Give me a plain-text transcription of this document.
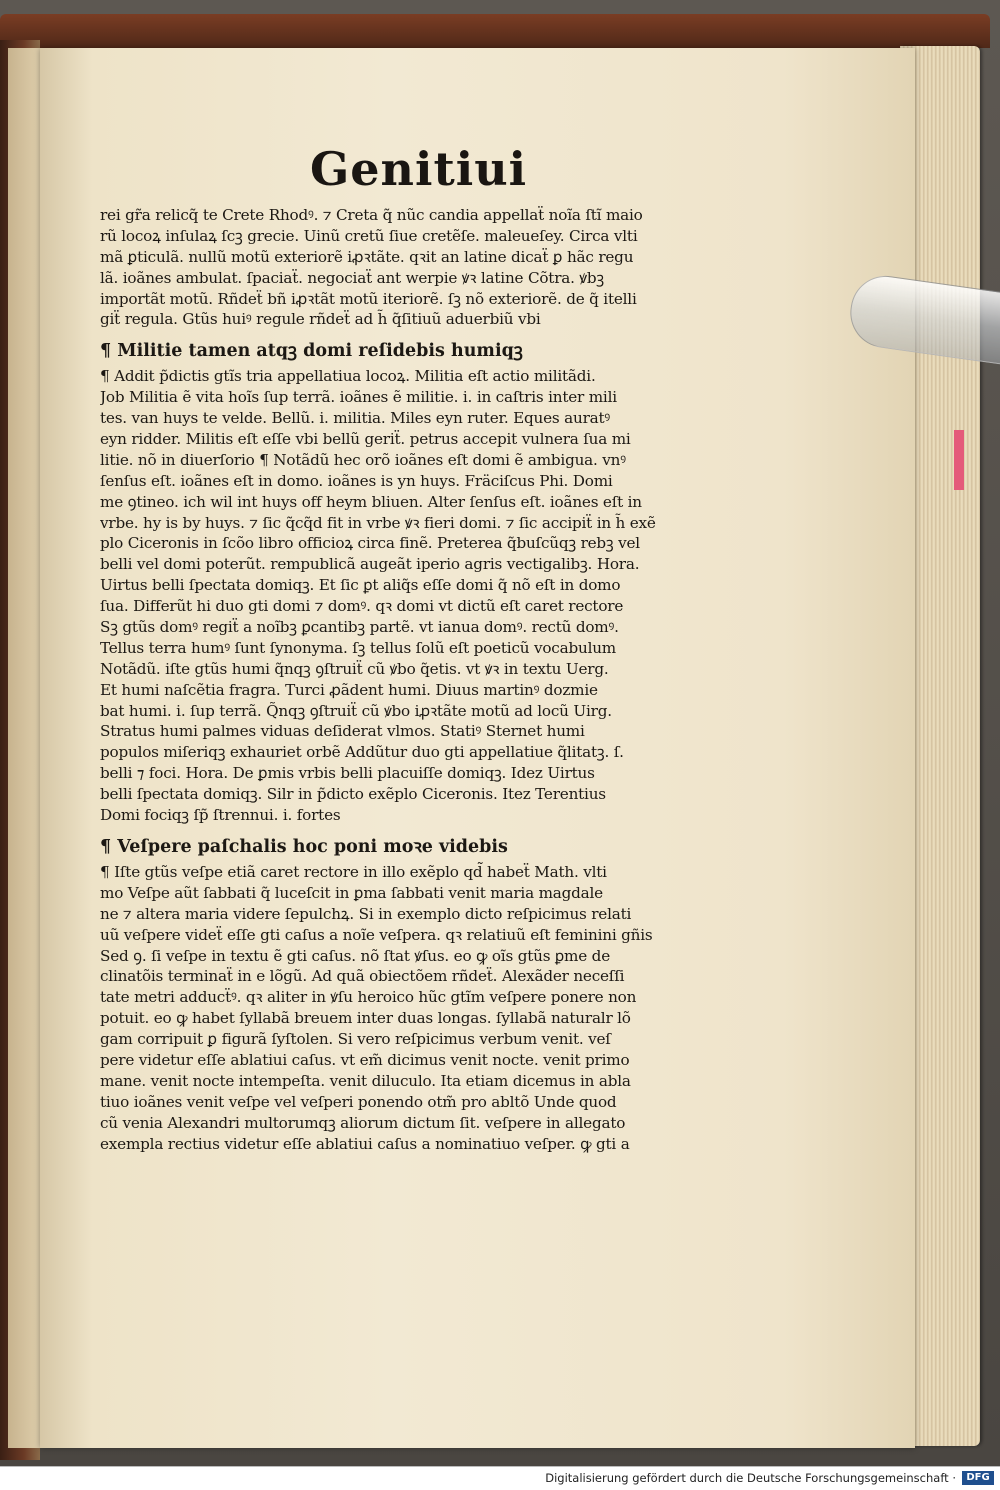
Genitiui
rei gr̃a relicq̃ te Crete Rhodꝰ. ⁊ Creta q̃ nũc candia appellaẗ noĩa ſtĩ maio
rũ locoꝝ inſulaꝝ ſcꝫ grecie. Uinũ cretũ ſiue cretẽſe. maleueſey. Circa vlti
mã ꝑticulã. nullũ motũ exteriorẽ iꝓꝛtãte. qꝛit an latine dicaẗ ꝑ hãc regu
lã. ioãnes ambulat. ſpaciaẗ. negociaẗ ant werpie ꝟꝛ latine Cõtra. ꝟbꝫ
importãt motũ. Rñdeẗ bñ iꝓꝛtãt motũ iteriorẽ. ſꝫ nõ exteriorẽ. de q̃ itelli
giẗ regula. Gtũs huiꝰ regule rñdeẗ ad h̃ q̃ſitiuũ aduerbiũ vbi
¶ Militie tamen atqꝫ domi reſidebis humiqꝫ
¶ Addit p̃dictis gtĩs tria appellatiua locoꝝ. Militia eſt actio militãdi.
Job Militia ẽ vita hoĩs ſup terrã. ioãnes ẽ militie. i. in caſtris inter mili
tes. van huys te velde. Bellũ. i. militia. Miles eyn ruter. Eques auratꝰ
eyn ridder. Militis eſt eſſe vbi bellũ geriẗ. petrus accepit vulnera ſua mi
litie. nõ in diuerſorio ¶ Notãdũ hec orõ ioãnes eſt domi ẽ ambigua. vnꝰ
ſenſus eſt. ioãnes eſt in domo. ioãnes is yn huys. Fräciſcus Phi. Domi
me ꝯtineo. ich wil int huys off heym bliuen. Alter ſenſus eſt. ioãnes eſt in
vrbe. hy is by huys. ⁊ ſic q̃cq̃d fit in vrbe ꝟꝛ fieri domi. ⁊ ſic accipiẗ in h̃ exẽ
plo Ciceronis in ſcõo libro officioꝝ circa finẽ. Preterea q̃buſcũqꝫ rebꝫ vel
belli vel domi poterũt. rempublicã augeãt iperio agris vectigalibꝫ. Hora.
Uirtus belli ſpectata domiqꝫ. Et ſic ꝑt aliq̃s eſſe domi q̃ nõ eſt in domo
ſua. Differũt hi duo gti domi ⁊ domꝰ. qꝛ domi vt dictũ eſt caret rectore
Sꝫ gtũs domꝰ regiẗ a noĩbꝫ ꝑcantibꝫ partẽ. vt ianua domꝰ. rectũ domꝰ.
Tellus terra humꝰ ſunt ſynonyma. ſꝫ tellus ſolũ eſt poeticũ vocabulum
Notãdũ. iſte gtũs humi q̃nqꝫ ꝯſtruiẗ cũ ꝟbo q̃etis. vt ꝟꝛ in textu Uerg.
Et humi naſcẽtia fragra. Turci ꝓãdent humi. Diuus martinꝰ dozmie
bat humi. i. ſup terrã. Q̃nqꝫ ꝯſtruiẗ cũ ꝟbo iꝓꝛtãte motũ ad locũ Uirg.
Stratus humi palmes viduas deſiderat vlmos. Statiꝰ Sternet humi
populos miſeriqꝫ exhauriet orbẽ Addũtur duo gti appellatiue q̃litatꝫ. ſ.
belli ⁊ foci. Hora. De ꝑmis vrbis belli placuiſſe domiqꝫ. Idez Uirtus
belli ſpectata domiqꝫ. Silr in p̃dicto exẽplo Ciceronis. Itez Terentius
Domi fociqꝫ ſp̃ ſtrennui. i. fortes
¶ Veſpere paſchalis hoc poni moꝛe videbis
¶ Iſte gtũs veſpe etiã caret rectore in illo exẽplo qd̃ habeẗ Math. vlti
mo Veſpe aũt ſabbati q̃ luceſcit in ꝑma ſabbati venit maria magdale
ne ⁊ altera maria videre ſepulchꝝ. Si in exemplo dicto reſpicimus relati
uũ veſpere videẗ eſſe gti caſus a noĩe veſpera. qꝛ relatiuũ eſt feminini gñis
Sed ꝯ. ſi veſpe in textu ẽ gti caſus. nõ ſtat ꝟſus. eo ꝙ oĩs gtũs ꝑme de
clinatõis terminaẗ in e lõgũ. Ad quã obiectõem rñdeẗ. Alexãder neceſſi
tate metri adducẗꝰ. qꝛ aliter in ꝟſu heroico hũc gtĩm veſpere ponere non
potuit. eo ꝙ habet ſyllabã breuem inter duas longas. ſyllabã naturalr lõ
gam corripuit ꝑ figurã ſyſtolen. Si vero reſpicimus verbum venit. veſ
pere videtur eſſe ablatiui caſus. vt em̃ dicimus venit nocte. venit primo
mane. venit nocte intempeſta. venit diluculo. Ita etiam dicemus in abla
tiuo ioãnes venit veſpe vel veſperi ponendo otm̃ pro abltõ Unde quod
cũ venia Alexandri multorumqꝫ aliorum dictum ſit. veſpere in allegato
exempla rectius videtur eſſe ablatiui caſus a nominatiuo veſper. ꝙ gti a
Digitalisierung gefördert durch die Deutsche Forschungsgemeinschaft ·	DFG
